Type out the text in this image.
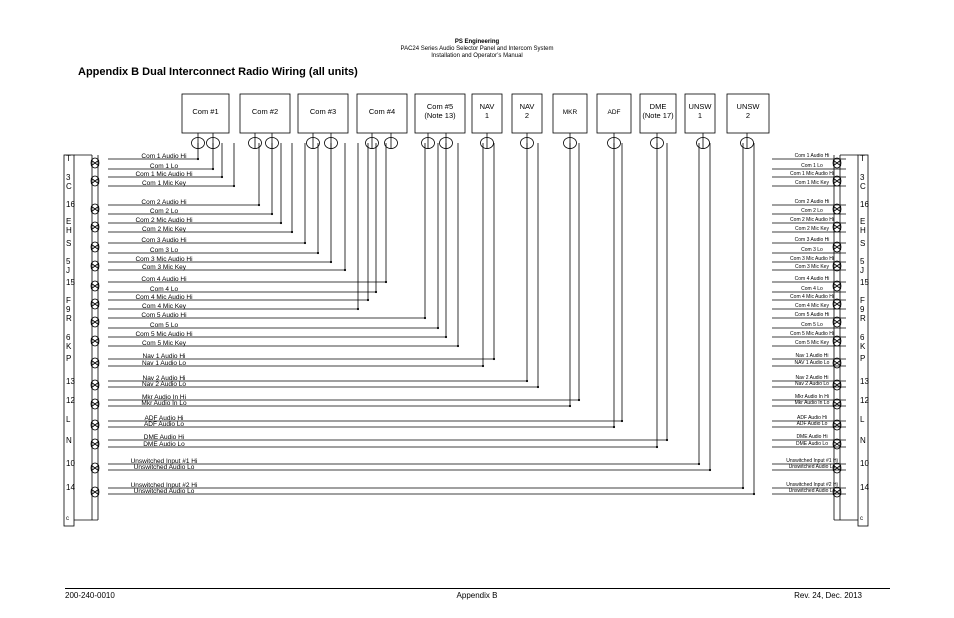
PS Engineering
PAC24 Series Audio Selector Panel and Intercom System
Installation and Operator’s Manual
Appendix B Dual Interconnect Radio Wiring (all units)
Com #1	Com #2	Com #3	Com #4
Com #5
(Note 13)
NAV
1
NAV
2	MKR	ADF
DME
(Note 17)
UNSW
1
UNSW
2
Com 1 Audio Hi
Com 1 Lo
Com 1 Mic Audio Hi
Com 1 Mic Key
Com 2 Audio Hi
Com 2 Lo
Com 2 Mic Audio Hi
Com 2 Mic Key
Com 3 Audio Hi
Com 3 Lo
Com 3 Mic Audio Hi
Com 3 Mic Key
Com 4 Audio Hi
Com 4 Lo
Com 4 Mic Audio Hi
Com 4 Mic Key
Com 5 Audio Hi
Com 5 Lo
Com 5 Mic Audio Hi
Com 5 Mic Key
Nav 1 Audio Hi
Nav 1 Audio Lo
Nav 2 Audio Hi
Nav 2 Audio Lo
Mkr Audio In Hi
Mkr Audio In Lo
ADF Audio Hi
ADF Audio Lo
DME Audio Hi
DME Audio Lo
Unswitched Input #1 Hi
Unswitched Audio Lo
Unswitched Input #2 Hi
Unswitched Audio Lo
Com 1 Audio Hi
Com 1 Lo
Com 1 Mic Audio Hi
Com 1 Mic Key
Com 2 Audio Hi
Com 2 Lo
Com 2 Mic Audio Hi
Com 2 Mic Key
Com 3 Audio Hi
Com 3 Lo
Com 3 Mic Audio Hi
Com 3 Mic Key
Com 4 Audio Hi
Com 4 Lo
Com 4 Mic Audio Hi
Com 4 Mic Key
Com 5 Audio Hi
Com 5 Lo
Com 5 Mic Audio Hi
Com 5 Mic Key
Nav 1 Audio Hi
NAV 1 Audio Lo
Nav 2 Audio Hi
Nav 2 Audio Lo
Mkr Audio In Hi
Mkr Audio In Lo
ADF Audio Hi
ADF Audio Lo
DME Audio Hi
DME Audio Lo
Unswitched Input #1 Hi
Unswitched Audio Lo
Unswitched Input #2 Hi
Unswitched Audio Lo
T	T
3	3
C	C
16	16
E	E
H	H
S	S
5	5
J	J
15	15
F	F
9	9
R	R
6	6
K	K
P	P
13	13
12	12
L	L
N	N
10	10
14	14
c	c
200-240-0010	Appendix B	Rev. 24, Dec. 2013
